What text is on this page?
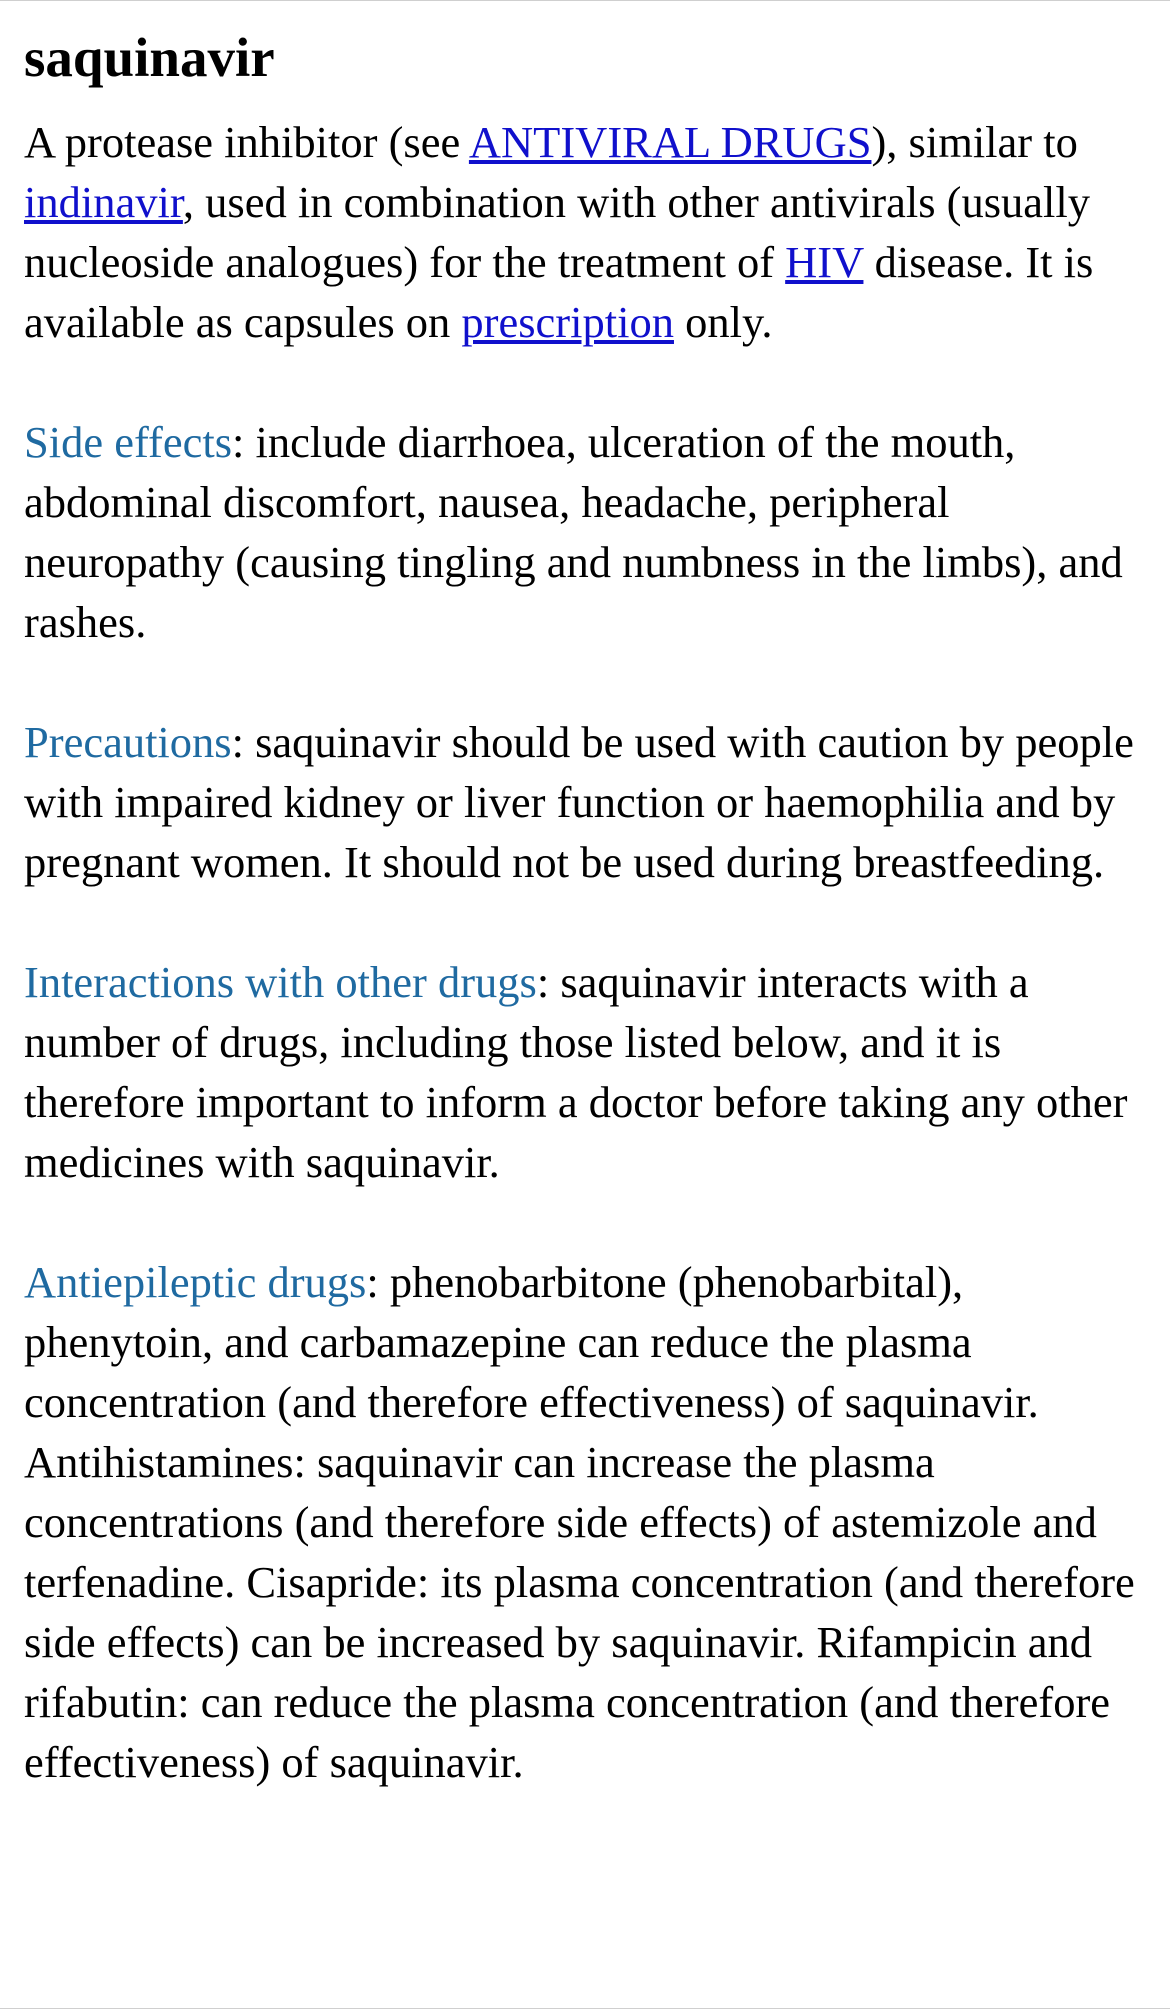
saquinavir

A protease inhibitor (see ANTIVIRAL DRUGS), similar to indinavir, used in combination with other antivirals (usually nucleoside analogues) for the treatment of HIV disease. It is available as capsules on prescription only.

Side effects: include diarrhoea, ulceration of the mouth, abdominal discomfort, nausea, headache, peripheral neuropathy (causing tingling and numbness in the limbs), and rashes.

Precautions: saquinavir should be used with caution by people with impaired kidney or liver function or haemophilia and by pregnant women. It should not be used during breastfeeding.

Interactions with other drugs: saquinavir interacts with a number of drugs, including those listed below, and it is therefore important to inform a doctor before taking any other medicines with saquinavir.

Antiepileptic drugs: phenobarbitone (phenobarbital), phenytoin, and carbamazepine can reduce the plasma concentration (and therefore effectiveness) of saquinavir. Antihistamines: saquinavir can increase the plasma concentrations (and therefore side effects) of astemizole and terfenadine. Cisapride: its plasma concentration (and therefore side effects) can be increased by saquinavir. Rifampicin and rifabutin: can reduce the plasma concentration (and therefore effectiveness) of saquinavir.
